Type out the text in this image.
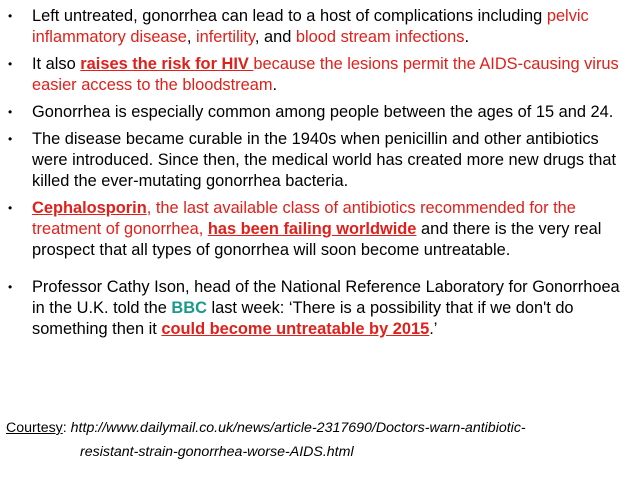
• Left untreated, gonorrhea can lead to a host of complications including pelvic inflammatory disease, infertility, and blood stream infections.
• It also raises the risk for HIV because the lesions permit the AIDS-causing virus easier access to the bloodstream.
• Gonorrhea is especially common among people between the ages of 15 and 24.
• The disease became curable in the 1940s when penicillin and other antibiotics were introduced. Since then, the medical world has created more new drugs that killed the ever-mutating gonorrhea bacteria.
• Cephalosporin, the last available class of antibiotics recommended for the treatment of gonorrhea, has been failing worldwide and there is the very real prospect that all types of gonorrhea will soon become untreatable.
• Professor Cathy Ison, head of the National Reference Laboratory for Gonorrhoea in the U.K. told the BBC last week: ‘There is a possibility that if we don't do something then it could become untreatable by 2015.’
Courtesy: http://www.dailymail.co.uk/news/article-2317690/Doctors-warn-antibiotic-
resistant-strain-gonorrhea-worse-AIDS.html
